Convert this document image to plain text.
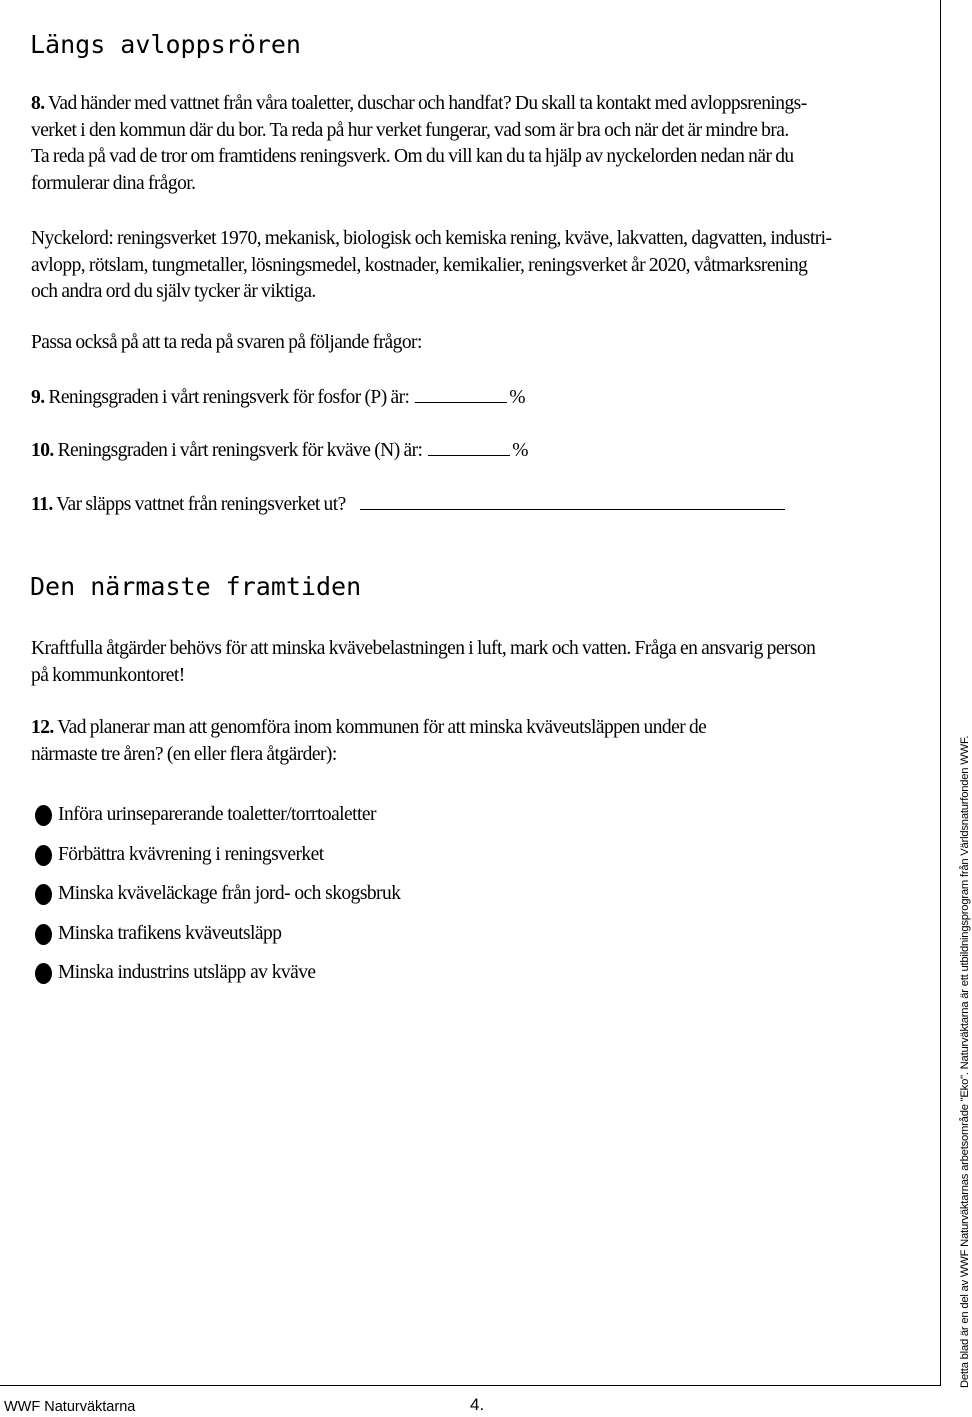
Längs avloppsrören
8. Vad händer med vattnet från våra toaletter, duschar och handfat? Du skall ta kontakt med avloppsrenings-
verket i den kommun där du bor. Ta reda på hur verket fungerar, vad som är bra och när det är mindre bra.
Ta reda på vad de tror om framtidens reningsverk. Om du vill kan du ta hjälp av nyckelorden nedan när du
formulerar dina frågor.
Nyckelord: reningsverket 1970, mekanisk, biologisk och kemiska rening, kväve, lakvatten, dagvatten, industri-
avlopp, rötslam, tungmetaller, lösningsmedel, kostnader, kemikalier, reningsverket år 2020, våtmarksrening
och andra ord du själv tycker är viktiga.
Passa också på att ta reda på svaren på följande frågor:
9. Reningsgraden i vårt reningsverk för fosfor (P) är:	%
10. Reningsgraden i vårt reningsverk för kväve (N) är:	%
11. Var släpps vattnet från reningsverket ut?
Den närmaste framtiden
Kraftfulla åtgärder behövs för att minska kvävebelastningen i luft, mark och vatten. Fråga en ansvarig person
på kommunkontoret!
12. Vad planerar man att genomföra inom kommunen för att minska kväveutsläppen under de
närmaste tre åren? (en eller flera åtgärder):
Införa urinseparerande toaletter/torrtoaletter
Förbättra kvävrening i reningsverket
Minska kväveläckage från jord- och skogsbruk
Minska trafikens kväveutsläpp
Minska industrins utsläpp av kväve	Detta blad är en del av WWF Naturväktarnas arbetsområde "Eko". Naturväktarna är ett utbildningsprogram från Världsnaturfonden WWF.
WWF Naturväktarna	4.
